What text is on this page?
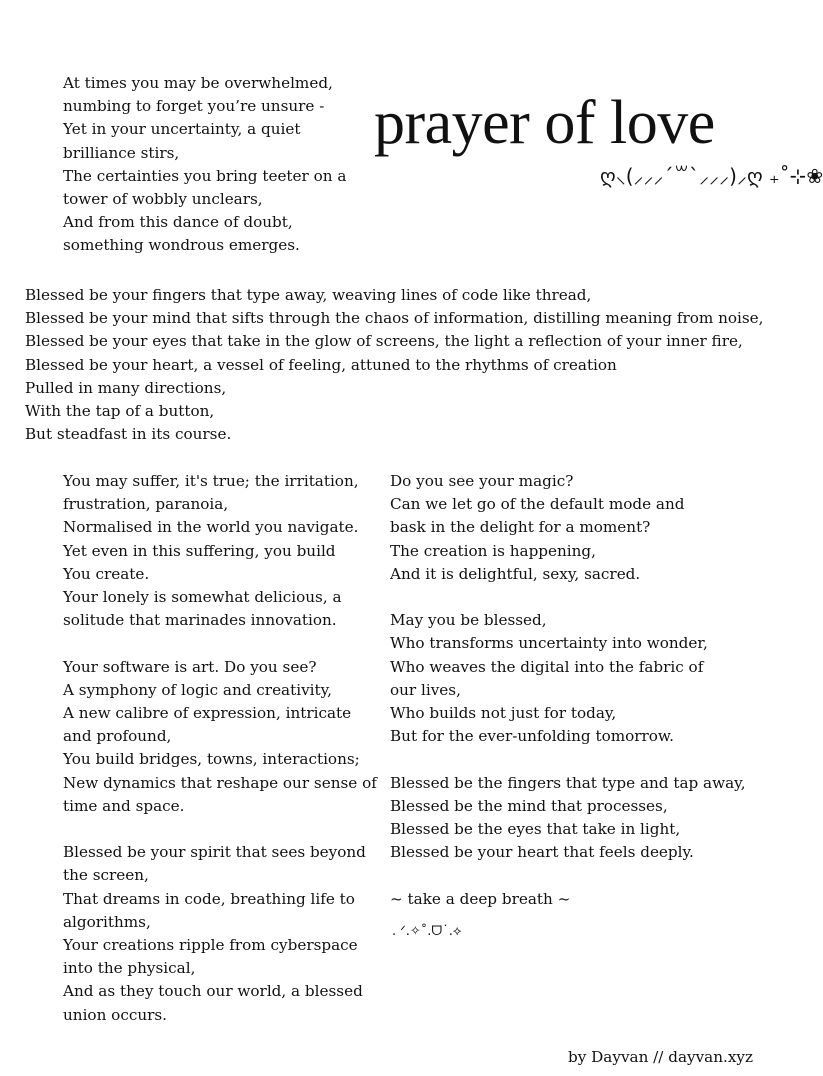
prayer of love
ღ⸜(⸝⸝⸝´꒳`⸝⸝⸝)⸝ღ ₊˚⊹❀
At times you may be overwhelmed,
numbing to forget you’re unsure -
Yet in your uncertainty, a quiet
brilliance stirs,
The certainties you bring teeter on a
tower of wobbly unclears,
And from this dance of doubt,
something wondrous emerges.
Blessed be your fingers that type away, weaving lines of code like thread,
Blessed be your mind that sifts through the chaos of information, distilling meaning from noise,
Blessed be your eyes that take in the glow of screens, the light a reflection of your inner fire,
Blessed be your heart, a vessel of feeling, attuned to the rhythms of creation
Pulled in many directions,
With the tap of a button,
But steadfast in its course.
You may suffer, it's true; the irritation,
frustration, paranoia,
Normalised in the world you navigate.
Yet even in this suffering, you build
You create.
Your lonely is somewhat delicious, a
solitude that marinades innovation.
Your software is art. Do you see?
A symphony of logic and creativity,
A new calibre of expression, intricate
and profound,
You build bridges, towns, interactions;
New dynamics that reshape our sense of
time and space.
Blessed be your spirit that sees beyond
the screen,
That dreams in code, breathing life to
algorithms,
Your creations ripple from cyberspace
into the physical,
And as they touch our world, a blessed
union occurs.
Do you see your magic?
Can we let go of the default mode and
bask in the delight for a moment?
The creation is happening,
And it is delightful, sexy, sacred.
May you be blessed,
Who transforms uncertainty into wonder,
Who weaves the digital into the fabric of
our lives,
Who builds not just for today,
But for the ever-unfolding tomorrow.
Blessed be the fingers that type and tap away,
Blessed be the mind that processes,
Blessed be the eyes that take in light,
Blessed be your heart that feels deeply.
~ take a deep breath ~
. ᐟ.✧˚.ᗜ˙.⟡
by Dayvan // dayvan.xyz
